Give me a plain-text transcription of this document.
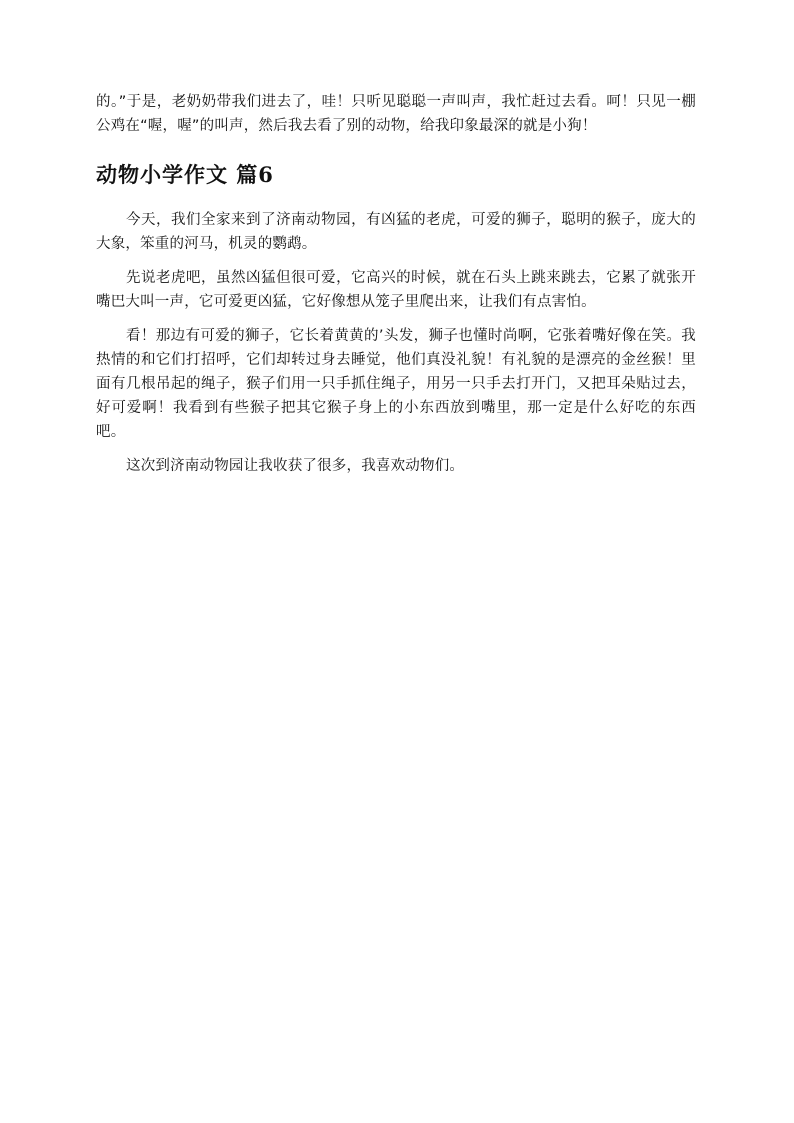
的。”于是，老奶奶带我们进去了，哇！只听见聪聪一声叫声，我忙赶过去看。呵！只见一棚公鸡在“喔，喔”的叫声，然后我去看了别的动物，给我印象最深的就是小狗！

动物小学作文 篇6

今天，我们全家来到了济南动物园，有凶猛的老虎，可爱的狮子，聪明的猴子，庞大的大象，笨重的河马，机灵的鹦鹉。

先说老虎吧，虽然凶猛但很可爱，它高兴的时候，就在石头上跳来跳去，它累了就张开嘴巴大叫一声，它可爱更凶猛，它好像想从笼子里爬出来，让我们有点害怕。

看！那边有可爱的狮子，它长着黄黄的’头发，狮子也懂时尚啊，它张着嘴好像在笑。我热情的和它们打招呼，它们却转过身去睡觉，他们真没礼貌！有礼貌的是漂亮的金丝猴！里面有几根吊起的绳子，猴子们用一只手抓住绳子，用另一只手去打开门，又把耳朵贴过去，好可爱啊！我看到有些猴子把其它猴子身上的小东西放到嘴里，那一定是什么好吃的东西吧。

这次到济南动物园让我收获了很多，我喜欢动物们。
